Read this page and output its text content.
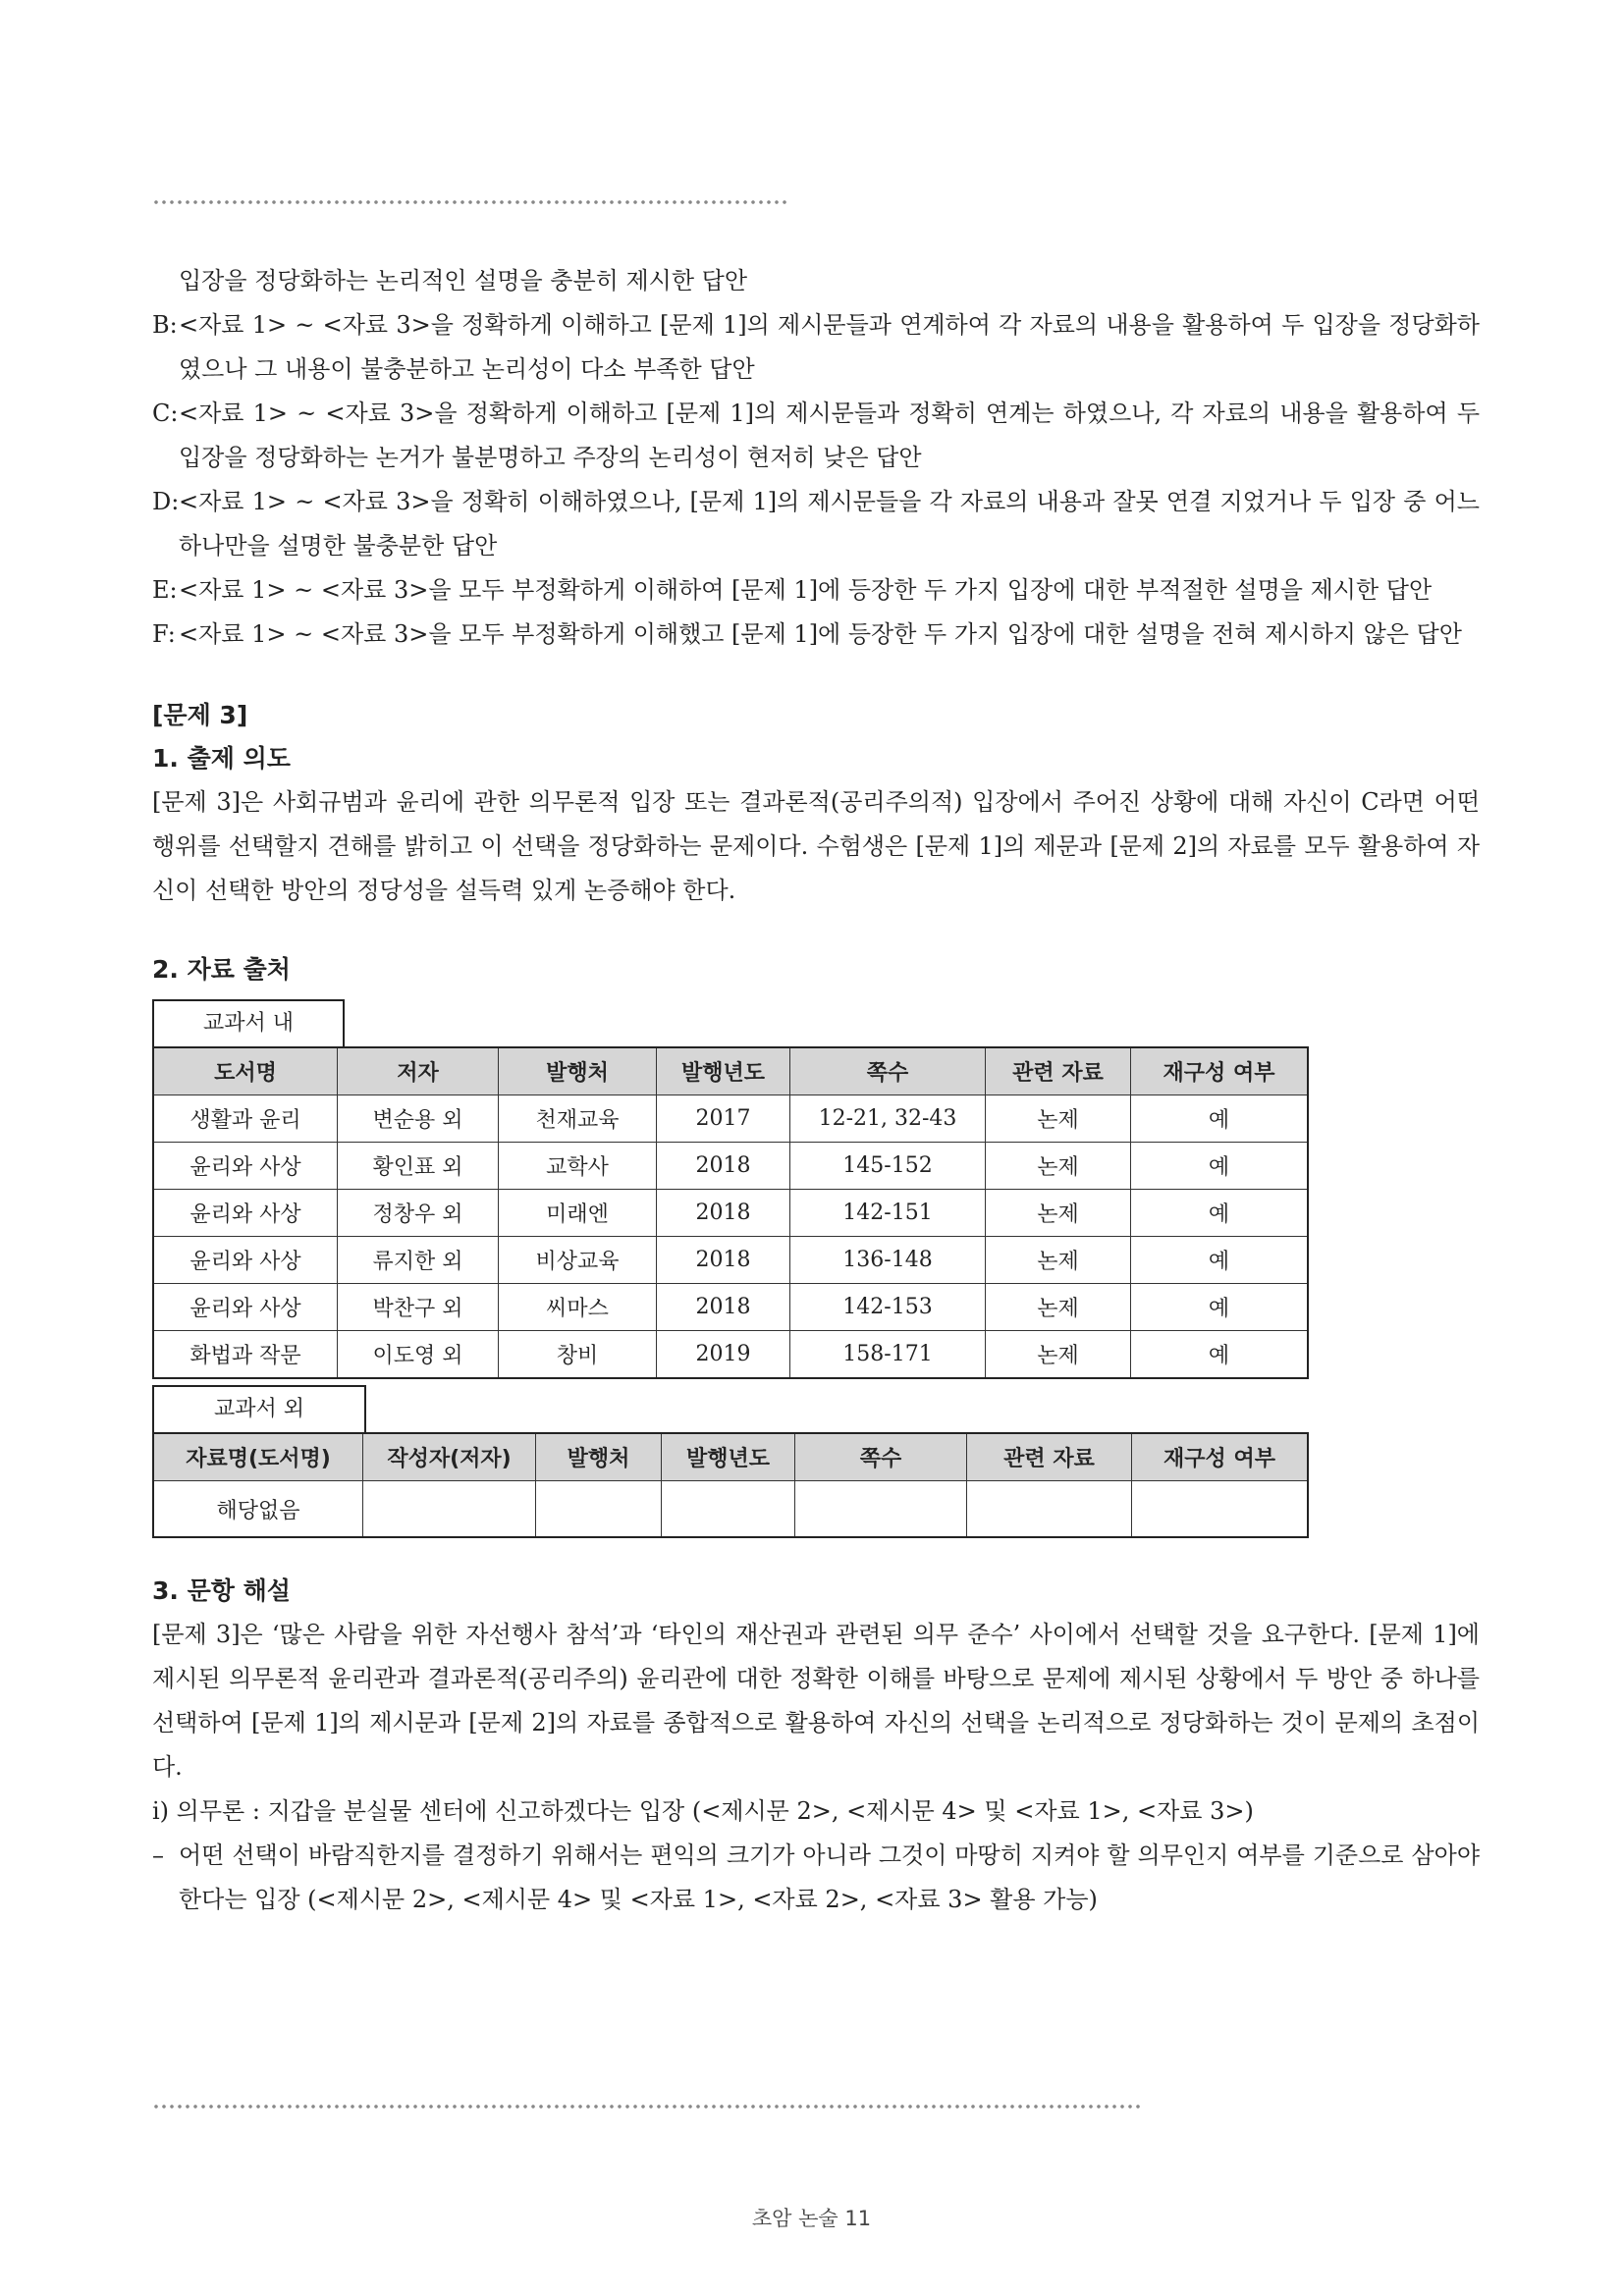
입장을 정당화하는 논리적인 설명을 충분히 제시한 답안
B: <자료 1> ~ <자료 3>을 정확하게 이해하고 [문제 1]의 제시문들과 연계하여 각 자료의 내용을 활용하여 두 입장을 정당화하였으나 그 내용이 불충분하고 논리성이 다소 부족한 답안
C: <자료 1> ~ <자료 3>을 정확하게 이해하고 [문제 1]의 제시문들과 정확히 연계는 하였으나, 각 자료의 내용을 활용하여 두 입장을 정당화하는 논거가 불분명하고 주장의 논리성이 현저히 낮은 답안
D: <자료 1> ~ <자료 3>을 정확히 이해하였으나, [문제 1]의 제시문들을 각 자료의 내용과 잘못 연결 지었거나 두 입장 중 어느 하나만을 설명한 불충분한 답안
E: <자료 1> ~ <자료 3>을 모두 부정확하게 이해하여 [문제 1]에 등장한 두 가지 입장에 대한 부적절한 설명을 제시한 답안
F: <자료 1> ~ <자료 3>을 모두 부정확하게 이해했고 [문제 1]에 등장한 두 가지 입장에 대한 설명을 전혀 제시하지 않은 답안
[문제 3]
1. 출제 의도
[문제 3]은 사회규범과 윤리에 관한 의무론적 입장 또는 결과론적(공리주의적) 입장에서 주어진 상황에 대해 자신이 C라면 어떤 행위를 선택할지 견해를 밝히고 이 선택을 정당화하는 문제이다. 수험생은 [문제 1]의 제문과 [문제 2]의 자료를 모두 활용하여 자신이 선택한 방안의 정당성을 설득력 있게 논증해야 한다.
2. 자료 출처
교과서 내
도서명	저자	발행처	발행년도	쪽수	관련 자료	재구성 여부
생활과 윤리	변순용 외	천재교육	2017	12-21, 32-43	논제	예
윤리와 사상	황인표 외	교학사	2018	145-152	논제	예
윤리와 사상	정창우 외	미래엔	2018	142-151	논제	예
윤리와 사상	류지한 외	비상교육	2018	136-148	논제	예
윤리와 사상	박찬구 외	씨마스	2018	142-153	논제	예
화법과 작문	이도영 외	창비	2019	158-171	논제	예
교과서 외
자료명(도서명)	작성자(저자)	발행처	발행년도	쪽수	관련 자료	재구성 여부
해당없음						
3. 문항 해설
[문제 3]은 ‘많은 사람을 위한 자선행사 참석’과 ‘타인의 재산권과 관련된 의무 준수’ 사이에서 선택할 것을 요구한다. [문제 1]에 제시된 의무론적 윤리관과 결과론적(공리주의) 윤리관에 대한 정확한 이해를 바탕으로 문제에 제시된 상황에서 두 방안 중 하나를 선택하여 [문제 1]의 제시문과 [문제 2]의 자료를 종합적으로 활용하여 자신의 선택을 논리적으로 정당화하는 것이 문제의 초점이다.
ⅰ) 의무론 : 지갑을 분실물 센터에 신고하겠다는 입장 (<제시문 2>, <제시문 4> 및 <자료 1>, <자료 3>)
– 어떤 선택이 바람직한지를 결정하기 위해서는 편익의 크기가 아니라 그것이 마땅히 지켜야 할 의무인지 여부를 기준으로 삼아야 한다는 입장 (<제시문 2>, <제시문 4> 및 <자료 1>, <자료 2>, <자료 3> 활용 가능)
초암 논술 11
